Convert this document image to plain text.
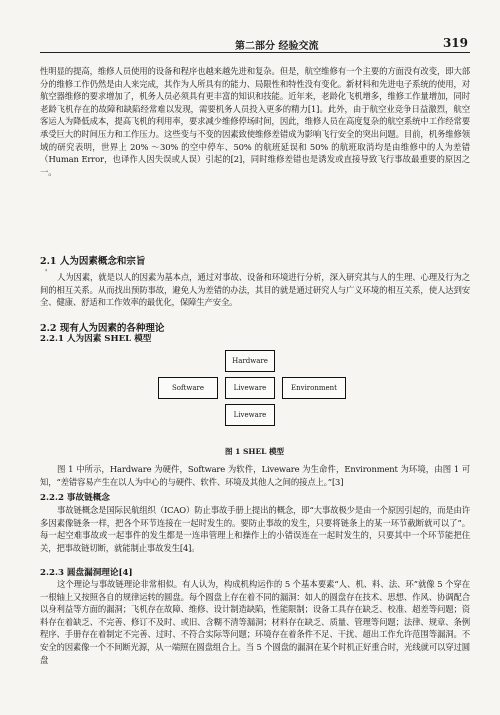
第二部分 经验交流	319

性明显的提高，维修人员使用的设备和程序也越来越先进和复杂。但是，航空维修有一个主要的方面没有改变，即大部分的维修工作仍然是由人来完成，其作为人所具有的能力、局限性和特性没有变化。新材料和先进电子系统的使用，对航空器维修的要求增加了，机务人员必须具有更丰富的知识和技能。近年来，老龄化飞机增多，维修工作量增加，同时老龄飞机存在的故障和缺陷经常难以发现，需要机务人员投入更多的精力[1]。此外，由于航空业竞争日益激烈，航空客运人为降低成本，提高飞机的利用率，要求减少维修停场时间，因此，维修人员在高度复杂的航空系统中工作经常要承受巨大的时间压力和工作压力。这些变与不变的因素致使维修差错成为影响飞行安全的突出问题。目前，机务维修领域的研究表明，世界上 20% ～30% 的空中停车、50% 的航班延误和 50% 的航班取消均是由维修中的人为差错（Human Error，也译作人因失误或人误）引起的[2]，同时维修差错也是诱发或直接导致飞行事故最重要的原因之一。

2.1 人为因素概念和宗旨
'	人为因素，就是以人的因素为基本点，通过对事故、设备和环境进行分析，深入研究其与人的生理、心理及行为之间的相互关系。从而找出预防事故，避免人为差错的办法，其目的就是通过研究人与广义环境的相互关系，使人达到安全、健康、舒适和工作效率的最优化，保障生产安全。

2.2 现有人为因素的各种理论
2.2.1 人为因素 SHEL 模型
Hardware
Software	Liveware	Environment
Liveware
图 1 SHEL 模型

图 1 中所示，Hardware 为硬件，Software 为软件，Liveware 为生命件，Environment 为环境，由图 1 可知，“差错容易产生在以人为中心的与硬件、软件、环境及其他人之间的接点上。”[3]

2.2.2 事故链概念

事故链概念是国际民航组织（ICAO）防止事故手册上提出的概念，即“大事故极少是由一个原因引起的，而是由许多因素像链条一样，把各个环节连接在一起时发生的。要防止事故的发生，只要将链条上的某一环节截断就可以了”。每一起空难事故或一起事件的发生都是一连串管理上和操作上的小错误连在一起时发生的，只要其中一个环节能把住关，把事故链切断，就能制止事故发生[4]。

2.2.3 圆盘漏洞理论[4]

这个理论与事故链理论非常相似。有人认为，构成机构运作的 5 个基本要素“人、机、料、法、环”就像 5 个穿在一根轴上又按照各自的规律运转的圆盘。每个圆盘上存在着不同的漏洞：如人的圆盘存在技术、思想、作风、协调配合以身利益等方面的漏洞；飞机存在故障、维修、设计制造缺陷，性能限制；设备工具存在缺乏、校准、超差等问题；资料存在着缺乏、不完善、修订不及时、或旧、含糊不清等漏洞；材料存在缺乏、质量、管理等问题；法律、规章、条例程序、手册存在着制定不完善、过时、不符合实际等问题；环境存在着条件不足、干扰、超出工作允许范围等漏洞。不安全的因素像一个不间断光源，从一端照在圆盘组合上。当 5 个圆盘的漏洞在某个时机正好重合时，光线就可以穿过圆盘
